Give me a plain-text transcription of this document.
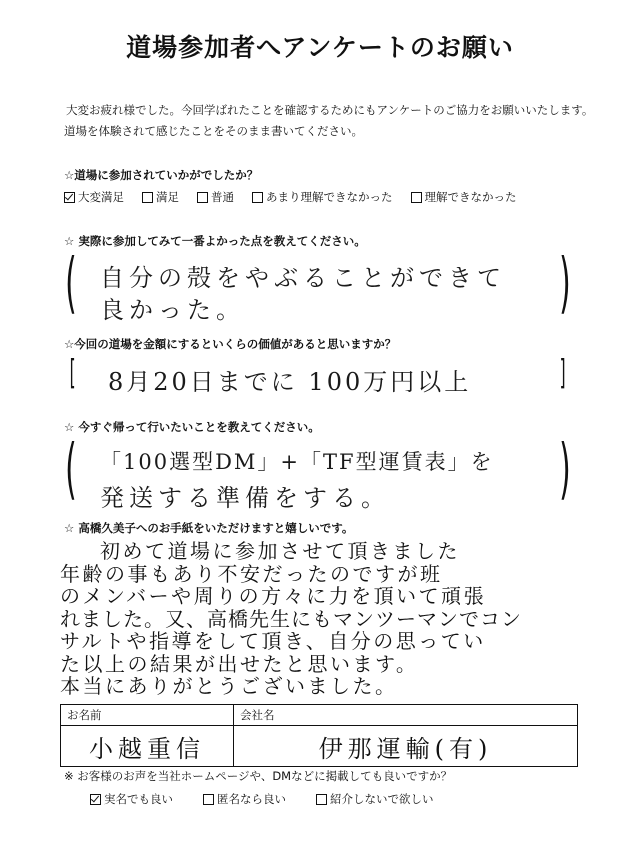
道場参加者へアンケートのお願い
大変お疲れ様でした。今回学ばれたことを確認するためにもアンケートのご協力をお願いいたします。道場を体験されて感じたことをそのまま書いてください。
☆道場に参加されていかがでしたか？
大変満足	満足	普通	あまり理解できなかった	理解できなかった
☆ 実際に参加してみて一番よかった点を教えてください。
(	)
自分の殻をやぶることができて
良かった。
☆今回の道場を金額にするといくらの価値があると思いますか？
[	]
8月20日までに 100万円以上
☆ 今すぐ帰って行いたいことを教えてください。
(	)
「100選型DM」+「TF型運賃表」を
発送する準備をする。
☆ 高橋久美子へのお手紙をいただけますと嬉しいです。
初めて道場に参加させて頂きました
年齢の事もあり不安だったのですが班
のメンバーや周りの方々に力を頂いて頑張
れました。又、高橋先生にもマンツーマンでコン
サルトや指導をして頂き、自分の思ってい
た以上の結果が出せたと思います。
本当にありがとうございました。
お名前	会社名
小越重信	伊那運輸(有)
※ お客様のお声を当社ホームページや、DMなどに掲載しても良いですか？
実名でも良い	匿名なら良い	紹介しないで欲しい
